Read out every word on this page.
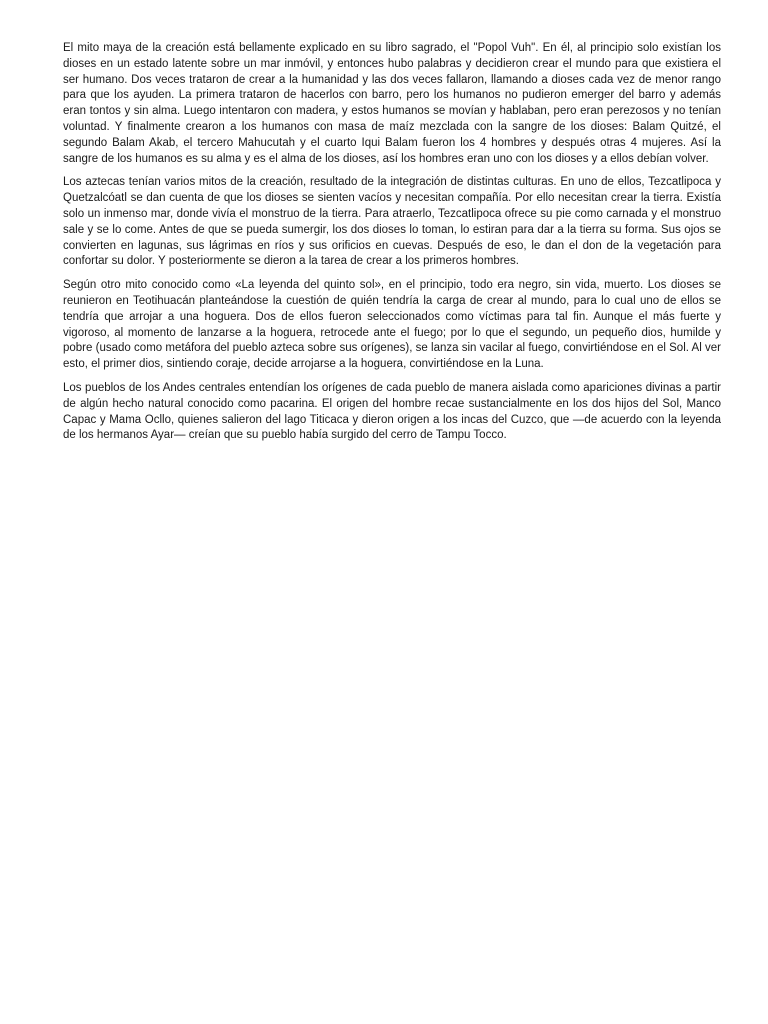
El mito maya de la creación está bellamente explicado en su libro sagrado, el "Popol Vuh". En él, al principio solo existían los dioses en un estado latente sobre un mar inmóvil, y entonces hubo palabras y decidieron crear el mundo para que existiera el ser humano. Dos veces trataron de crear a la humanidad y las dos veces fallaron, llamando a dioses cada vez de menor rango para que los ayuden. La primera trataron de hacerlos con barro, pero los humanos no pudieron emerger del barro y además eran tontos y sin alma. Luego intentaron con madera, y estos humanos se movían y hablaban, pero eran perezosos y no tenían voluntad. Y finalmente crearon a los humanos con masa de maíz mezclada con la sangre de los dioses: Balam Quitzé, el segundo Balam Akab, el tercero Mahucutah y el cuarto Iqui Balam fueron los 4 hombres y después otras 4 mujeres. Así la sangre de los humanos es su alma y es el alma de los dioses, así los hombres eran uno con los dioses y a ellos debían volver.

Los aztecas tenían varios mitos de la creación, resultado de la integración de distintas culturas. En uno de ellos, Tezcatlipoca y Quetzalcóatl se dan cuenta de que los dioses se sienten vacíos y necesitan compañía. Por ello necesitan crear la tierra. Existía solo un inmenso mar, donde vivía el monstruo de la tierra. Para atraerlo, Tezcatlipoca ofrece su pie como carnada y el monstruo sale y se lo come. Antes de que se pueda sumergir, los dos dioses lo toman, lo estiran para dar a la tierra su forma. Sus ojos se convierten en lagunas, sus lágrimas en ríos y sus orificios en cuevas. Después de eso, le dan el don de la vegetación para confortar su dolor. Y posteriormente se dieron a la tarea de crear a los primeros hombres.

Según otro mito conocido como «La leyenda del quinto sol», en el principio, todo era negro, sin vida, muerto. Los dioses se reunieron en Teotihuacán planteándose la cuestión de quién tendría la carga de crear al mundo, para lo cual uno de ellos se tendría que arrojar a una hoguera. Dos de ellos fueron seleccionados como víctimas para tal fin. Aunque el más fuerte y vigoroso, al momento de lanzarse a la hoguera, retrocede ante el fuego; por lo que el segundo, un pequeño dios, humilde y pobre (usado como metáfora del pueblo azteca sobre sus orígenes), se lanza sin vacilar al fuego, convirtiéndose en el Sol. Al ver esto, el primer dios, sintiendo coraje, decide arrojarse a la hoguera, convirtiéndose en la Luna.

Los pueblos de los Andes centrales entendían los orígenes de cada pueblo de manera aislada como apariciones divinas a partir de algún hecho natural conocido como pacarina. El origen del hombre recae sustancialmente en los dos hijos del Sol, Manco Capac y Mama Ocllo, quienes salieron del lago Titicaca y dieron origen a los incas del Cuzco, que —de acuerdo con la leyenda de los hermanos Ayar— creían que su pueblo había surgido del cerro de Tampu Tocco.
